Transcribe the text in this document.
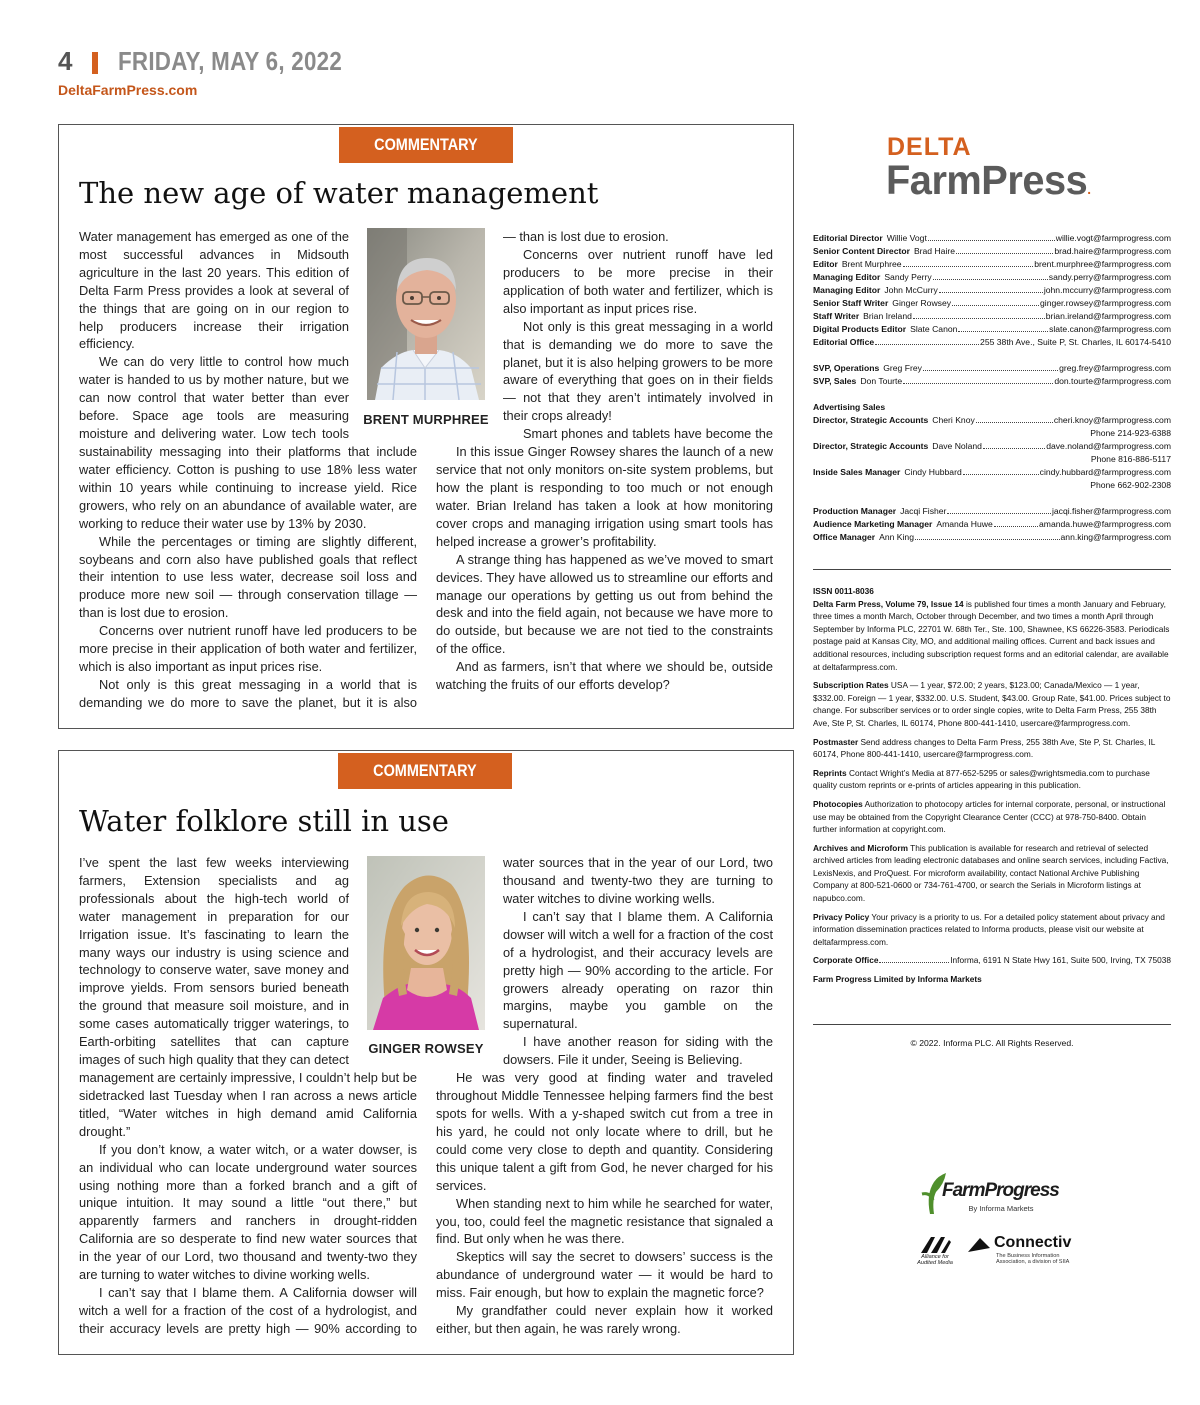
4 FRIDAY, MAY 6, 2022
DeltaFarmPress.com
COMMENTARY
The new age of water management

Water management has emerged as one of the most successful advances in Midsouth agriculture in the last 20 years. This edition of Delta Farm Press provides a look at several of the things that are going on in our region to help producers increase their irrigation efficiency.

We can do very little to control how much water is handed to us by mother nature, but we can now control that water better than ever before. Space age tools are measuring moisture and delivering water. Low tech tools

sustainability messaging into their platforms that include water efficiency. Cotton is pushing to use 18% less water within 10 years while continuing to increase yield. Rice growers, who rely on an abundance of available water, are working to reduce their water use by 13% by 2030.

While the percentages or timing are slightly different, soybeans and corn also have published goals that reflect their intention to use less water, decrease soil loss and produce more new soil — through conservation tillage — than is lost due to erosion.

Concerns over nutrient runoff have led producers to be more precise in their application of both water and fertilizer, which is also important as input prices rise.

Not only is this great messaging in a world that is demanding we do more to save the planet, but it is also

— than is lost due to erosion.

Concerns over nutrient runoff have led producers to be more precise in their application of both water and fertilizer, which is also important as input prices rise.

Not only is this great messaging in a world that is demanding we do more to save the planet, but it is also helping growers to be more aware of everything that goes on in their fields — not that they aren’t intimately involved in their crops already!

Smart phones and tablets have become the

In this issue Ginger Rowsey shares the launch of a new service that not only monitors on-site system problems, but how the plant is responding to too much or not enough water. Brian Ireland has taken a look at how monitoring cover crops and managing irrigation using smart tools has helped increase a grower’s profitability.

A strange thing has happened as we’ve moved to smart devices. They have allowed us to streamline our efforts and manage our operations by getting us out from behind the desk and into the field again, not because we have more to do outside, but because we are not tied to the constraints of the office.

And as farmers, isn’t that where we should be, outside watching the fruits of our efforts develop?

BRENT MURPHREE
COMMENTARY
Water folklore still in use

I’ve spent the last few weeks interviewing farmers, Extension specialists and ag professionals about the high-tech world of water management in preparation for our Irrigation issue. It’s fascinating to learn the many ways our industry is using science and technology to conserve water, save money and improve yields. From sensors buried beneath the ground that measure soil moisture, and in some cases automatically trigger waterings, to Earth-orbiting satellites that can capture images of such high quality that they can detect

management are certainly impressive, I couldn’t help but be sidetracked last Tuesday when I ran across a news article titled, “Water witches in high demand amid California drought.”

If you don’t know, a water witch, or a water dowser, is an individual who can locate underground water sources using nothing more than a forked branch and a gift of unique intuition. It may sound a little “out there,” but apparently farmers and ranchers in drought-ridden California are so desperate to find new water sources that in the year of our Lord, two thousand and twenty-two they are turning to water witches to divine working wells.

I can’t say that I blame them. A California dowser will witch a well for a fraction of the cost of a hydrologist, and their accuracy levels are pretty high — 90% according to

water sources that in the year of our Lord, two thousand and twenty-two they are turning to water witches to divine working wells.

I can’t say that I blame them. A California dowser will witch a well for a fraction of the cost of a hydrologist, and their accuracy levels are pretty high — 90% according to the article. For growers already operating on razor thin margins, maybe you gamble on the supernatural.

I have another reason for siding with the dowsers. File it under, Seeing is Believing.

He was very good at finding water and traveled throughout Middle Tennessee helping farmers find the best spots for wells. With a y-shaped switch cut from a tree in his yard, he could not only locate where to drill, but he could come very close to depth and quantity. Considering this unique talent a gift from God, he never charged for his services.

When standing next to him while he searched for water, you, too, could feel the magnetic resistance that signaled a find. But only when he was there.

Skeptics will say the secret to dowsers’ success is the abundance of underground water — it would be hard to miss. Fair enough, but how to explain the magnetic force?

My grandfather could never explain how it worked either, but then again, he was rarely wrong.

GINGER ROWSEY
DELTA
FarmPress.
Editorial Director Willie Vogt	willie.vogt@farmprogress.com
Senior Content Director Brad Haire	brad.haire@farmprogress.com
Editor Brent Murphree	brent.murphree@farmprogress.com
Managing Editor Sandy Perry	sandy.perry@farmprogress.com
Managing Editor John McCurry	john.mccurry@farmprogress.com
Senior Staff Writer Ginger Rowsey	ginger.rowsey@farmprogress.com
Staff Writer Brian Ireland	brian.ireland@farmprogress.com
Digital Products Editor Slate Canon	slate.canon@farmprogress.com
Editorial Office	255 38th Ave., Suite P, St. Charles, IL 60174-5410
SVP, Operations Greg Frey	greg.frey@farmprogress.com
SVP, Sales Don Tourte	don.tourte@farmprogress.com
Advertising Sales
Director, Strategic Accounts Cheri Knoy	cheri.knoy@farmprogress.com
Phone 214-923-6388
Director, Strategic Accounts Dave Noland	dave.noland@farmprogress.com
Phone 816-886-5117
Inside Sales Manager Cindy Hubbard	cindy.hubbard@farmprogress.com
Phone 662-902-2308
Production Manager Jacqi Fisher	jacqi.fisher@farmprogress.com
Audience Marketing Manager Amanda Huwe	amanda.huwe@farmprogress.com
Office Manager Ann King	ann.king@farmprogress.com

ISSN 0011-8036
Delta Farm Press, Volume 79, Issue 14 is published four times a month January and February, three times a month March, October through December, and two times a month April through September by Informa PLC, 22701 W. 68th Ter., Ste. 100, Shawnee, KS 66226-3583. Periodicals postage paid at Kansas City, MO, and additional mailing offices. Current and back issues and additional resources, including subscription request forms and an editorial calendar, are available at deltafarmpress.com.

Subscription Rates USA — 1 year, $72.00; 2 years, $123.00; Canada/Mexico — 1 year, $332.00. Foreign — 1 year, $332.00. U.S. Student, $43.00. Group Rate, $41.00. Prices subject to change. For subscriber services or to order single copies, write to Delta Farm Press, 255 38th Ave, Ste P, St. Charles, IL 60174, Phone 800-441-1410, usercare@farmprogress.com.

Postmaster Send address changes to Delta Farm Press, 255 38th Ave, Ste P, St. Charles, IL 60174, Phone 800-441-1410, usercare@farmprogress.com.

Reprints Contact Wright’s Media at 877-652-5295 or sales@wrightsmedia.com to purchase quality custom reprints or e-prints of articles appearing in this publication.

Photocopies Authorization to photocopy articles for internal corporate, personal, or instructional use may be obtained from the Copyright Clearance Center (CCC) at 978-750-8400. Obtain further information at copyright.com.

Archives and Microform This publication is available for research and retrieval of selected archived articles from leading electronic databases and online search services, including Factiva, LexisNexis, and ProQuest. For microform availability, contact National Archive Publishing Company at 800-521-0600 or 734-761-4700, or search the Serials in Microform listings at napubco.com.

Privacy Policy Your privacy is a priority to us. For a detailed policy statement about privacy and information dissemination practices related to Informa products, please visit our website at deltafarmpress.com.

Corporate Office	Informa, 6191 N State Hwy 161, Suite 500, Irving, TX 75038

Farm Progress Limited by Informa Markets

© 2022. Informa PLC. All Rights Reserved.
FarmProgress
By Informa Markets
Alliance for Audited Media
Connectiv
The Business Information
Association, a division of SIIA
